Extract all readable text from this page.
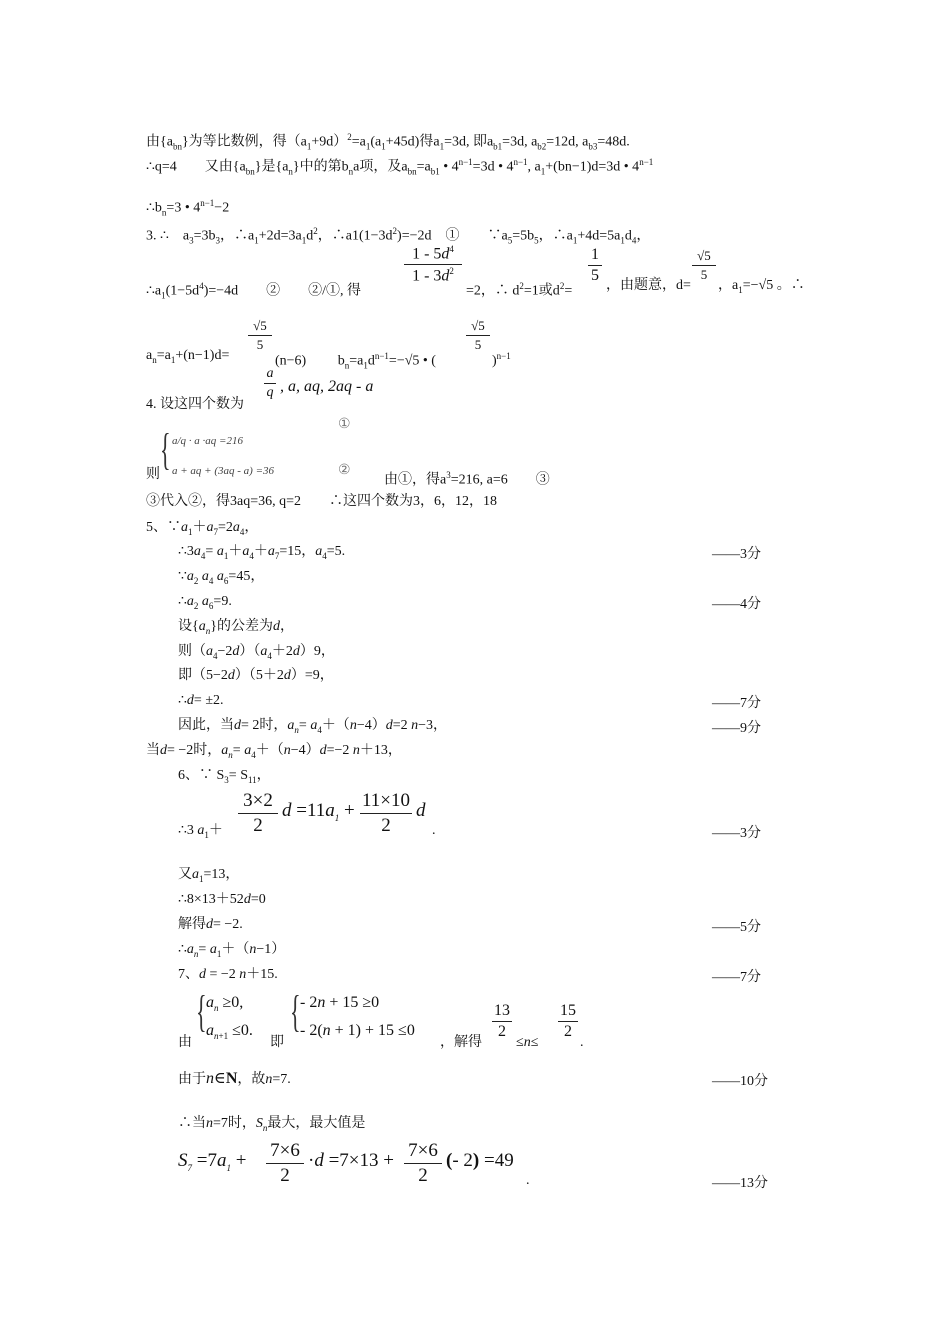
由$\{a_{bn}\}$为等比数例，得$(a_1+9d)^2=a_1(a_1+45d)$得$a_1=3d$, 即$a_{b1}=3d$, $a_{b2}=12d$, $a_{b3}=48d$.
∴q=4　　又由$\{a_{bn}\}$是$\{a_n\}$中的第$b_na$项，及$a_{bn}=a_{b1}$ • $4^{n-1}=3d$ • $4^{n-1}$, $a_1+(bn-1)d=3d$ • $4^{n-1}$
$\therefore b_n=3$ • $4^{n-1}-2$
3. ∴　$a_3=3b_3$，$\therefore a_1+2d=3a_1d^2$，$\therefore a1(1-3d^2)=-2d$　①　　$\because a_5=5b_5$，$\therefore a_1+4d=5a_1d_4$，
$\therefore a_1(1-5d^4)=-4d$　　②　　②/①, 得
$1 - 5d^4$
$1 - 3d^2$
=2，∴ $d^2=1$或$d^2=$
1
5
，由题意，d=
√5
5
，$a_1=-√5$ 。∴
$a_n=a_1+(n-1)d=$
√5
5
(n−6)　　 $b_n=a_1d^{n-1}=-√5$ • (
√5
5
)$^{n-1}$
4. 设这四个数为
a
q , a, aq, 2aq - a
①
{ a/q · a ·aq =216
a + aq + (3aq - a) =36
则	②
由①，得$a^3=216$, a=6　　③
③代入②，得3aq=36, q=2　　∴这四个数为3，6，12，18
5、$\because a_1+a_7=2a_4$，
$\therefore 3a_4= a_1+a_4+a_7=15$，$a_4=5$.	——3分
$\because a_2$ $a_4$ $a_6=45$，
$\therefore a_2$ $a_6=9$.	——4分
设$\{a_n\}$的公差为d，
则$(a_4-2d)(a_4+2d)9$，
即（5−2d）（5＋2d）=9，
∴d= ±2.	——7分
因此，当d= 2时，$a_n= a_4+(n-4)d=2$ n−3，	——9分
当d= −2时，$a_n= a_4+(n-4)d=-2$ n＋13，
6、∵ $S_3= S_{11}$，
∴3 $a_1+$
3×2
2
$d =11a_1 + 11\times 10$
2
d
.	——3分
又$a_1=13$，
∴8×13＋52d=0
解得d= −2.	——5分
$\therefore a_n= a_1+(n-1)$
7、d = −2 n＋15.	——7分
{ $a_n \ge 0$,
$a_{n+1} \le 0$.
由	即
{ - 2n + 15 ≥0
- 2(n + 1) + 15 ≤0
，解得
13
2
≤n≤
15
2
.
由于n∈N，故n=7.	——10分
∴当n=7时，$S_n$最大，最大值是
$S_7 =7a_1 + 7\times 6$
2
·d =7×13 + 7×6
2
(- 2) =49
.	——13分
